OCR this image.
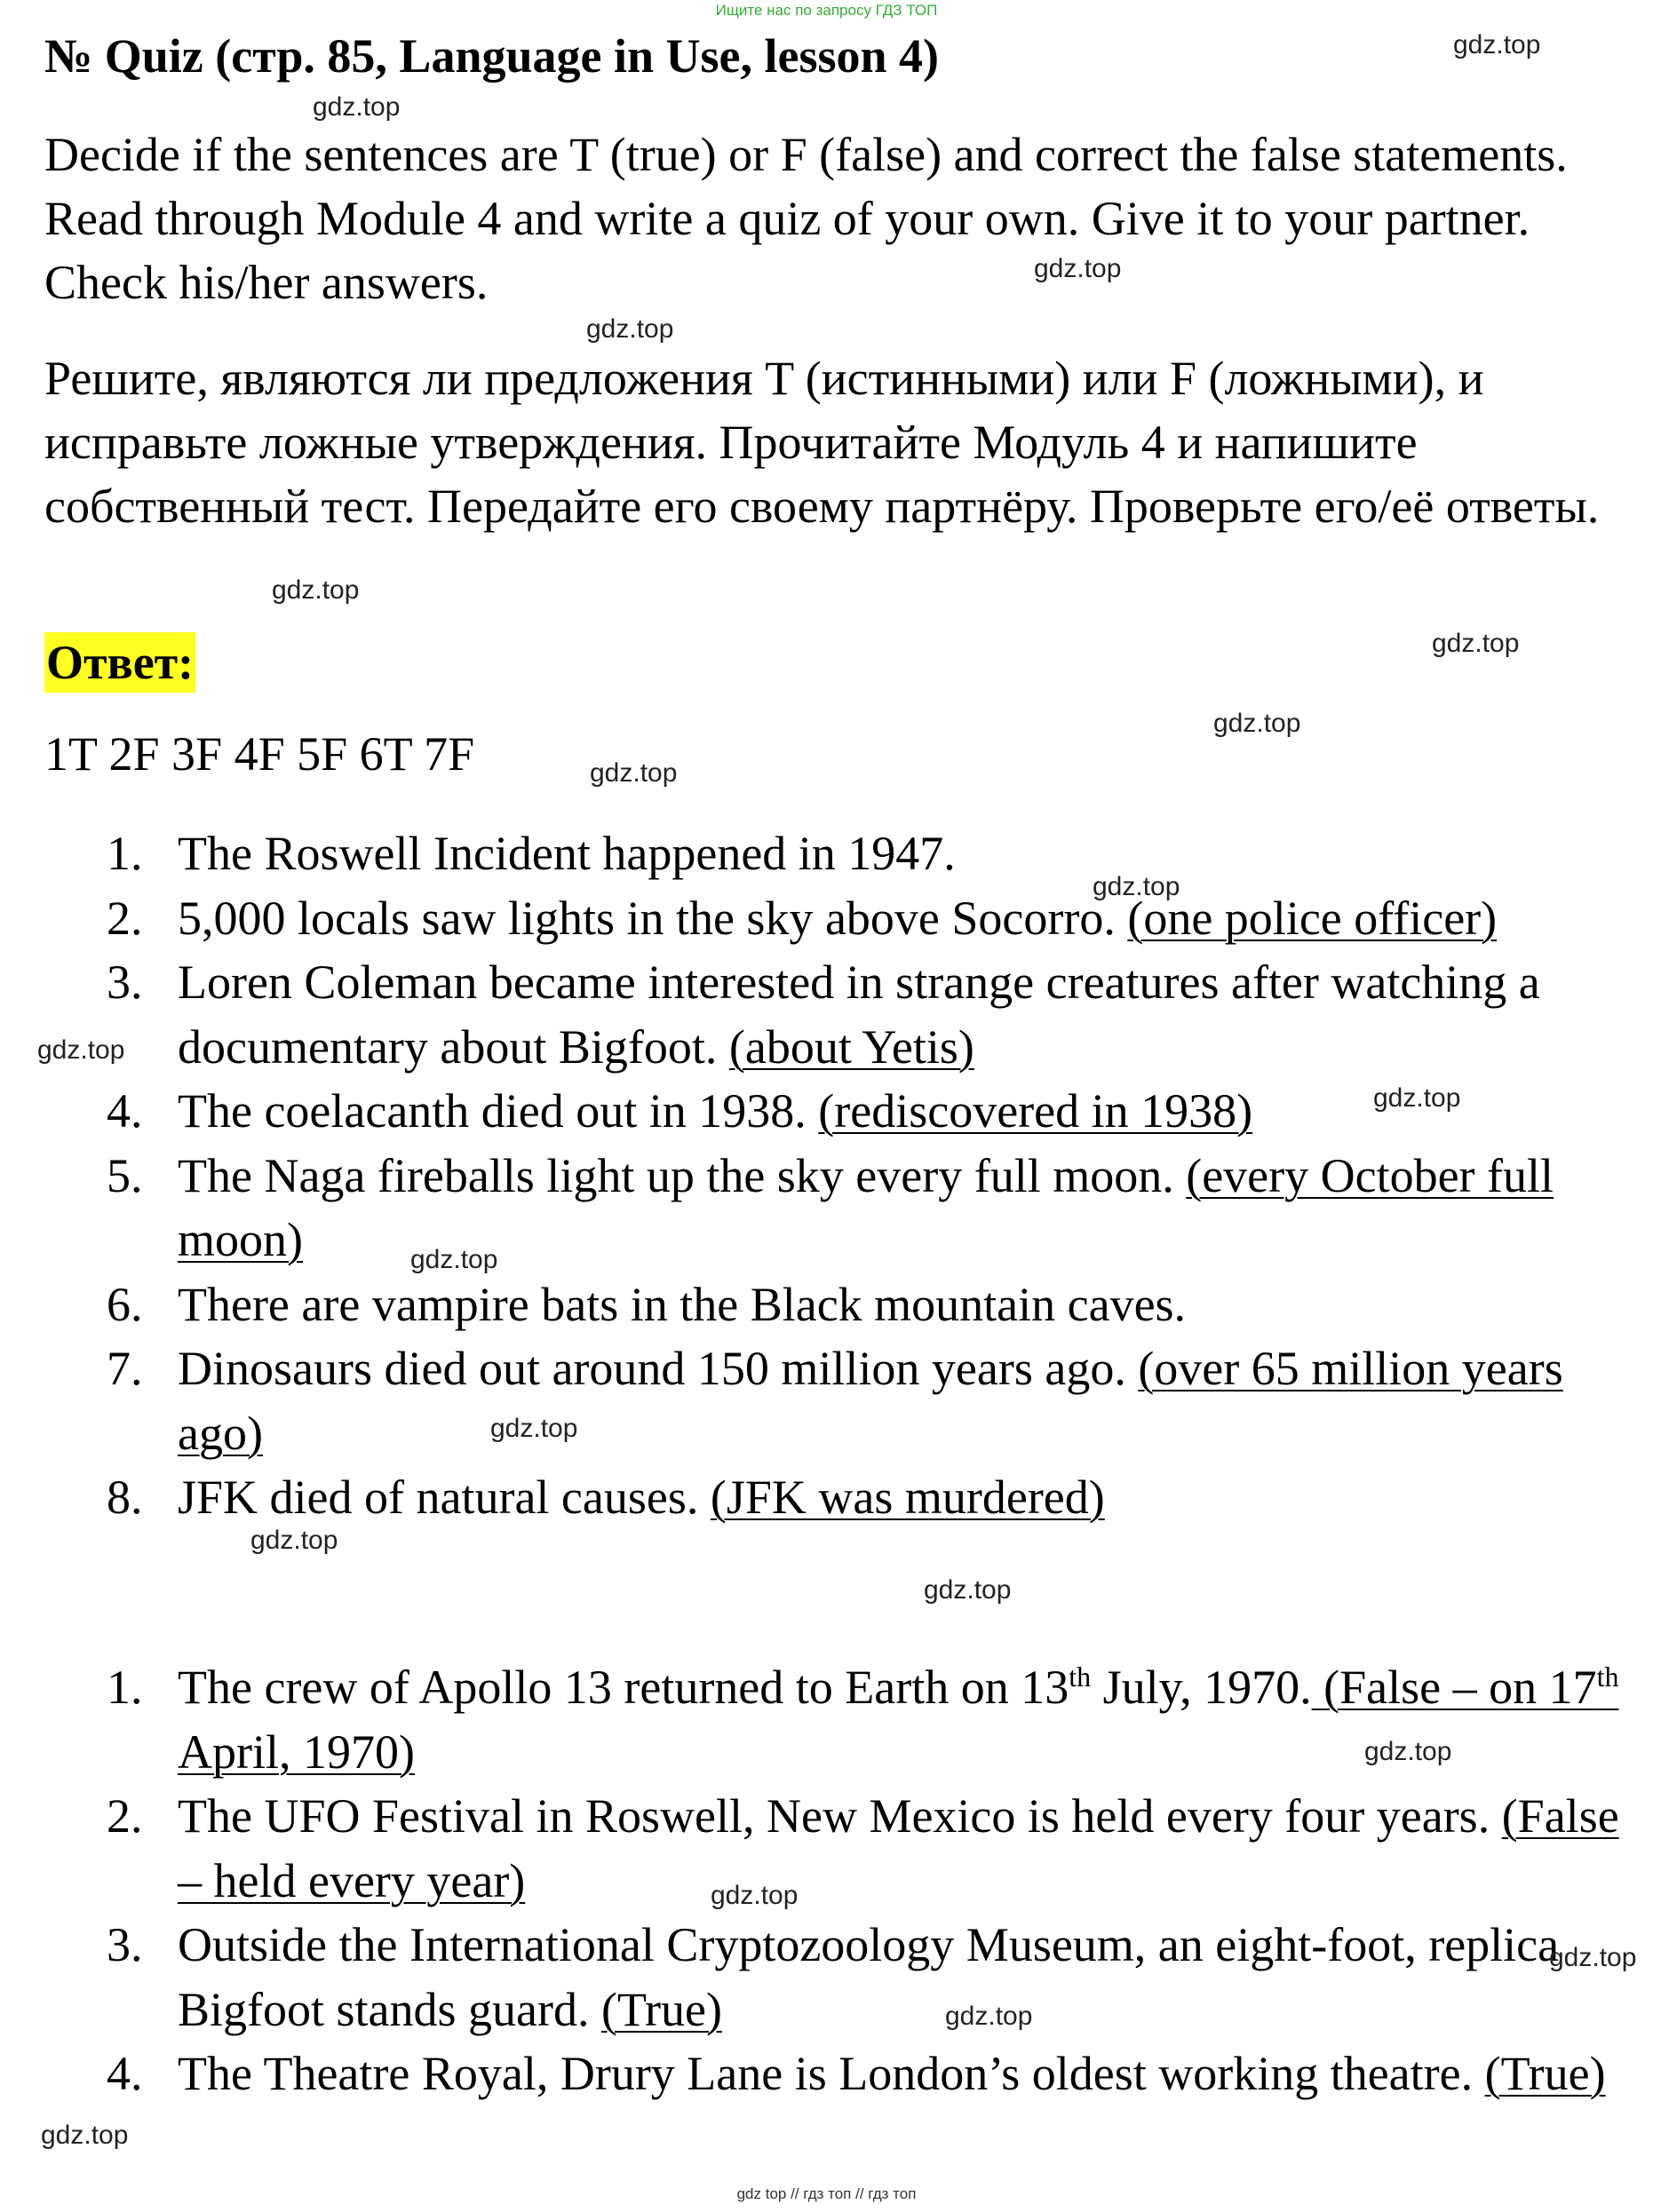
Ищите нас по запросу ГДЗ ТОП
№ Quiz (стр. 85, Language in Use, lesson 4)

Decide if the sentences are T (true) or F (false) and correct the false statements. Read through Module 4 and write a quiz of your own. Give it to your partner. Check his/her answers.

Решите, являются ли предложения T (истинными) или F (ложными), и исправьте ложные утверждения. Прочитайте Модуль 4 и напишите собственный тест. Передайте его своему партнёру. Проверьте его/её ответы.

Ответ:
1T 2F 3F 4F 5F 6T 7F
1. The Roswell Incident happened in 1947.
2. 5,000 locals saw lights in the sky above Socorro. (one police officer)
3. Loren Coleman became interested in strange creatures after watching a documentary about Bigfoot. (about Yetis)
4. The coelacanth died out in 1938. (rediscovered in 1938)
5. The Naga fireballs light up the sky every full moon. (every October full moon)
6. There are vampire bats in the Black mountain caves.
7. Dinosaurs died out around 150 million years ago. (over 65 million years ago)
8. JFK died of natural causes. (JFK was murdered)
1. The crew of Apollo 13 returned to Earth on 13th July, 1970. (False – on 17th April, 1970)
2. The UFO Festival in Roswell, New Mexico is held every four years. (False – held every year)
3. Outside the International Cryptozoology Museum, an eight-foot, replica Bigfoot stands guard. (True)
4. The Theatre Royal, Drury Lane is London’s oldest working theatre. (True)
gdz.top
gdz.top
gdz.top
gdz.top
gdz.top
gdz.top
gdz.top
gdz.top
gdz.top
gdz.top
gdz.top
gdz.top
gdz.top
gdz.top
gdz.top
gdz.top
gdz.top
gdz.top
gdz.top
gdz.top
gdz top // гдз топ // гдз топ
